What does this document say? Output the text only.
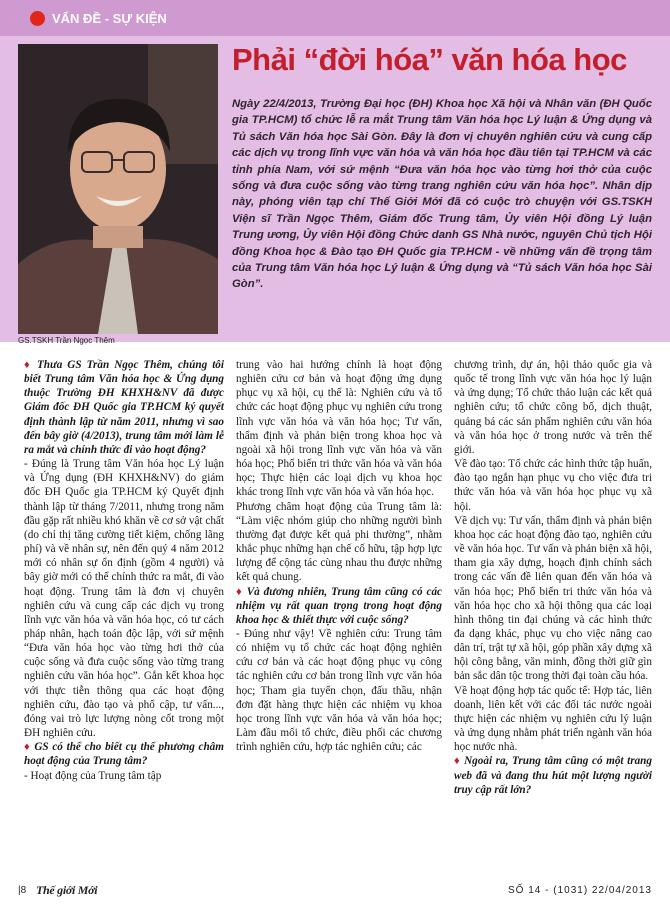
VẤN ĐỀ - SỰ KIỆN
GS.TSKH Trần Ngọc Thêm
Phải “đời hóa” văn hóa học
Ngày 22/4/2013, Trường Đại học (ĐH) Khoa học Xã hội và Nhân văn (ĐH Quốc gia TP.HCM) tổ chức lễ ra mắt Trung tâm Văn hóa học Lý luận & Ứng dụng và Tủ sách Văn hóa học Sài Gòn. Đây là đơn vị chuyên nghiên cứu và cung cấp các dịch vụ trong lĩnh vực văn hóa và văn hóa học đầu tiên tại TP.HCM và các tỉnh phía Nam, với sứ mệnh “Đưa văn hóa học vào từng hơi thở của cuộc sống và đưa cuộc sống vào từng trang nghiên cứu văn hóa học”. Nhân dịp này, phóng viên tạp chí Thế Giới Mới đã có cuộc trò chuyện với GS.TSKH Viện sĩ Trần Ngọc Thêm, Giám đốc Trung tâm, Ủy viên Hội đồng Lý luận Trung ương, Ủy viên Hội đồng Chức danh GS Nhà nước, nguyên Chủ tịch Hội đồng Khoa học & Đào tạo ĐH Quốc gia TP.HCM - về những vấn đề trọng tâm của Trung tâm Văn hóa học Lý luận & Ứng dụng và “Tủ sách Văn hóa học Sài Gòn”.

♦ Thưa GS Trần Ngọc Thêm, chúng tôi biết Trung tâm Văn hóa học & Ứng dụng thuộc Trường ĐH KHXH&NV đã được Giám đốc ĐH Quốc gia TP.HCM ký quyết định thành lập từ năm 2011, nhưng vì sao đến bây giờ (4/2013), trung tâm mới làm lễ ra mắt và chính thức đi vào hoạt động?

- Đúng là Trung tâm Văn hóa học Lý luận và Ứng dụng (ĐH KHXH&NV) do giám đốc ĐH Quốc gia TP.HCM ký Quyết định thành lập từ tháng 7/2011, nhưng trong năm đầu gặp rất nhiều khó khăn về cơ sở vật chất (do chỉ thị tăng cường tiết kiệm, chống lãng phí) và về nhân sự, nên đến quý 4 năm 2012 mới có nhân sự ổn định (gồm 4 người) và bây giờ mới có thể chính thức ra mắt, đi vào hoạt động. Trung tâm là đơn vị chuyên nghiên cứu và cung cấp các dịch vụ trong lĩnh vực văn hóa và văn hóa học, có tư cách pháp nhân, hạch toán độc lập, với sứ mệnh “Đưa văn hóa học vào từng hơi thở của cuộc sống và đưa cuộc sống vào từng trang nghiên cứu văn hóa học”. Gắn kết khoa học với thực tiễn thông qua các hoạt động nghiên cứu, đào tạo và phổ cập, tư vấn..., đóng vai trò lực lượng nòng cốt trong một ĐH nghiên cứu.

♦ GS có thể cho biết cụ thể phương châm hoạt động của Trung tâm?

- Hoạt động của Trung tâm tập

trung vào hai hướng chính là hoạt động nghiên cứu cơ bản và hoạt động ứng dụng phục vụ xã hội, cụ thể là: Nghiên cứu và tổ chức các hoạt động phục vụ nghiên cứu trong lĩnh vực văn hóa và văn hóa học; Tư vấn, thẩm định và phản biện trong khoa học và ngoài xã hội trong lĩnh vực văn hóa và văn hóa học; Phổ biến tri thức văn hóa và văn hóa học; Thực hiện các loại dịch vụ khoa học khác trong lĩnh vực văn hóa và văn hóa học.

Phương châm hoạt động của Trung tâm là: “Làm việc nhóm giúp cho những người bình thường đạt được kết quả phi thường”, nhằm khắc phục những hạn chế cố hữu, tập hợp lực lượng để cộng tác cùng nhau thu được những kết quả chung.

♦ Và đương nhiên, Trung tâm cũng có các nhiệm vụ rất quan trọng trong hoạt động khoa học & thiết thực với cuộc sống?

- Đúng như vậy! Về nghiên cứu: Trung tâm có nhiệm vụ tổ chức các hoạt động nghiên cứu cơ bản và các hoạt động phục vụ công tác nghiên cứu cơ bản trong lĩnh vực văn hóa học; Tham gia tuyển chọn, đấu thầu, nhận đơn đặt hàng thực hiện các nhiệm vụ khoa học trong lĩnh vực văn hóa và văn hóa học; Làm đầu mối tổ chức, điều phối các chương trình nghiên cứu, hợp tác nghiên cứu; các

chương trình, dự án, hội thảo quốc gia và quốc tế trong lĩnh vực văn hóa học lý luận và ứng dụng; Tổ chức thảo luận các kết quả nghiên cứu; tổ chức công bố, dịch thuật, quảng bá các sản phẩm nghiên cứu văn hóa và văn hóa học ở trong nước và trên thế giới.

Về đào tạo: Tổ chức các hình thức tập huấn, đào tạo ngắn hạn phục vụ cho việc đưa tri thức văn hóa và văn hóa học phục vụ xã hội.

Về dịch vụ: Tư vấn, thẩm định và phản biện khoa học các hoạt động đào tạo, nghiên cứu về văn hóa học. Tư vấn và phản biện xã hội, tham gia xây dựng, hoạch định chính sách trong các vấn đề liên quan đến văn hóa và văn hóa học; Phổ biến tri thức văn hóa và văn hóa học cho xã hội thông qua các loại hình thông tin đại chúng và các hình thức đa dạng khác, phục vụ cho việc nâng cao dân trí, trật tự xã hội, góp phần xây dựng xã hội công bằng, văn minh, đồng thời giữ gìn bản sắc dân tộc trong thời đại toàn cầu hóa.

Về hoạt động hợp tác quốc tế: Hợp tác, liên doanh, liên kết với các đối tác nước ngoài thực hiện các nhiệm vụ nghiên cứu lý luận và ứng dụng nhằm phát triển ngành văn hóa học nước nhà.

♦ Ngoài ra, Trung tâm cũng có một trang web đã và đang thu hút một lượng người truy cập rất lớn?

|8 Thế giới Mới	SỐ 14 - (1031) 22/04/2013
